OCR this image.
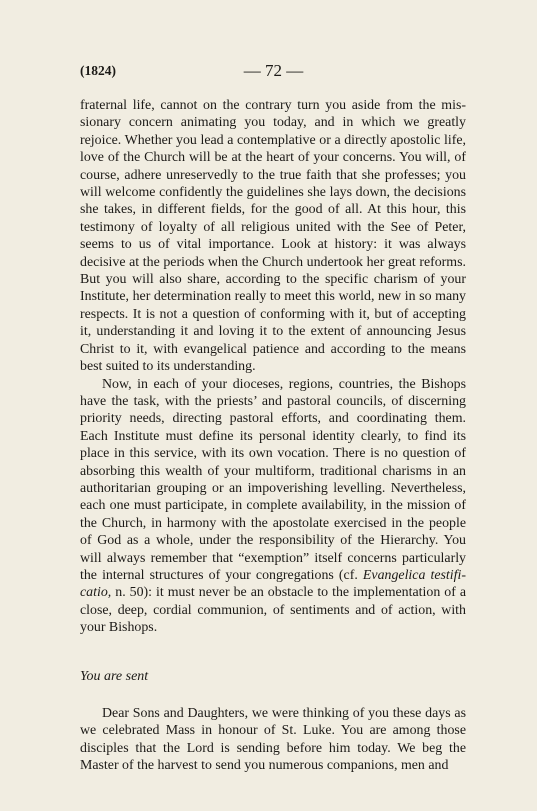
(1824)	— 72 —

fraternal life, cannot on the contrary turn you aside from the missionary concern animating you today, and in which we greatly rejoice. Whether you lead a contemplative or a directly apostolic life, love of the Church will be at the heart of your concerns. You will, of course, adhere unreservedly to the true faith that she professes; you will welcome confidently the guidelines she lays down, the decisions she takes, in different fields, for the good of all. At this hour, this testimony of loyalty of all religious united with the See of Peter, seems to us of vital importance. Look at history: it was always decisive at the periods when the Church undertook her great reforms. But you will also share, according to the specific charism of your Institute, her determination really to meet this world, new in so many respects. It is not a question of conforming with it, but of accepting it, understanding it and loving it to the extent of announcing Jesus Christ to it, with evangelical patience and according to the means best suited to its understanding.

Now, in each of your dioceses, regions, countries, the Bishops have the task, with the priests’ and pastoral councils, of discerning priority needs, directing pastoral efforts, and coordinating them. Each Institute must define its personal identity clearly, to find its place in this service, with its own vocation. There is no question of absorbing this wealth of your multiform, traditional charisms in an authoritarian grouping or an impoverishing levelling. Nevertheless, each one must participate, in complete availability, in the mission of the Church, in harmony with the apostolate exercised in the people of God as a whole, under the responsibility of the Hierarchy. You will always remember that “exemption” itself concerns particularly the internal structures of your congregations (cf. Evangelica testificatio, n. 50): it must never be an obstacle to the implementation of a close, deep, cordial communion, of sentiments and of action, with your Bishops.

You are sent

Dear Sons and Daughters, we were thinking of you these days as we celebrated Mass in honour of St. Luke. You are among those disciples that the Lord is sending before him today. We beg the Master of the harvest to send you numerous companions, men and
